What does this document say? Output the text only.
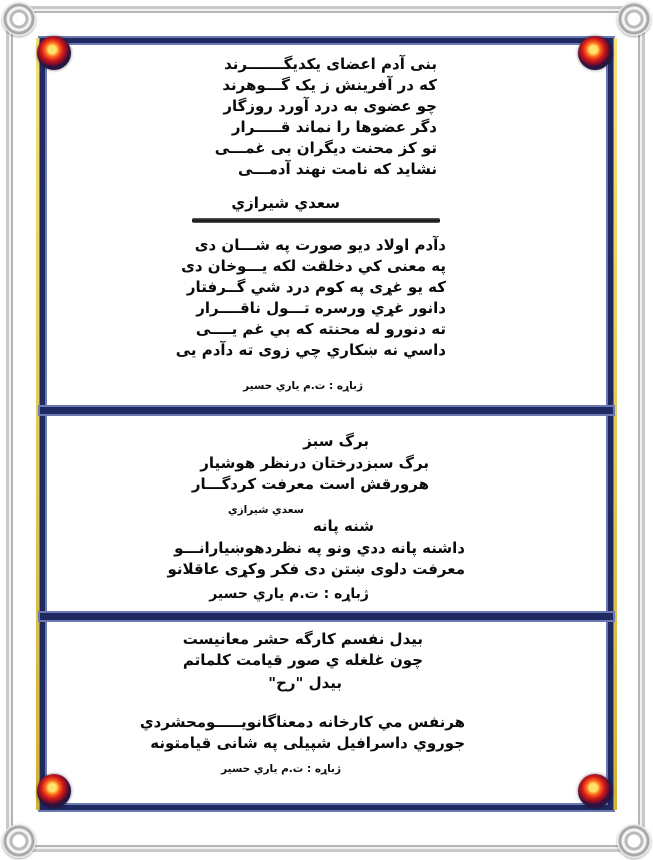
بنی آدم اعضای یکدیگـــــــرند
که در آفرینش ز یک گـــوهرند
چو عضوی به درد آورد روزگار
دگر عضوها را نماند قـــــرار
تو کز محنت دیگران بی غمـــی
نشاید که نامت نهند آدمـــی
سعدي شيرازي
دآدم اولاد ديو صورت په شـــان دی
په معنی کي دخلقت لکه يـــوخان دی
که يو غړی په کوم درد شي گــرفتار
دانور غړي ورسره تـــول ناقــــرار
ته دنورو له محنته که بي غم يــــی
داسي نه ښکاري چي زوی ته دآدم يی
ژباړه : ت.م ياري حسير
برگ سبز
برگ سبزدرختان درنظر هوشيار
هرورقش است معرفت کردگـــار
سعدي شيرازي
شنه پانه
داشنه پانه ددي ونو په نظردهوښيارانـــو
معرفت دلوی ښتن دی فکر وکړی عاقلانو
ژباړه : ت.م ياري حسير
بيدل نفسم کارگه حشر معانيست
چون غلغله ي صور قيامت کلماتم
بيدل "رح"
هرنفس مي کارخانه دمعناگانويـــــومحشردي
جوروي داسرافيل شپيلی په شانی قيامتونه
ژباړه : ت.م ياري حسير
